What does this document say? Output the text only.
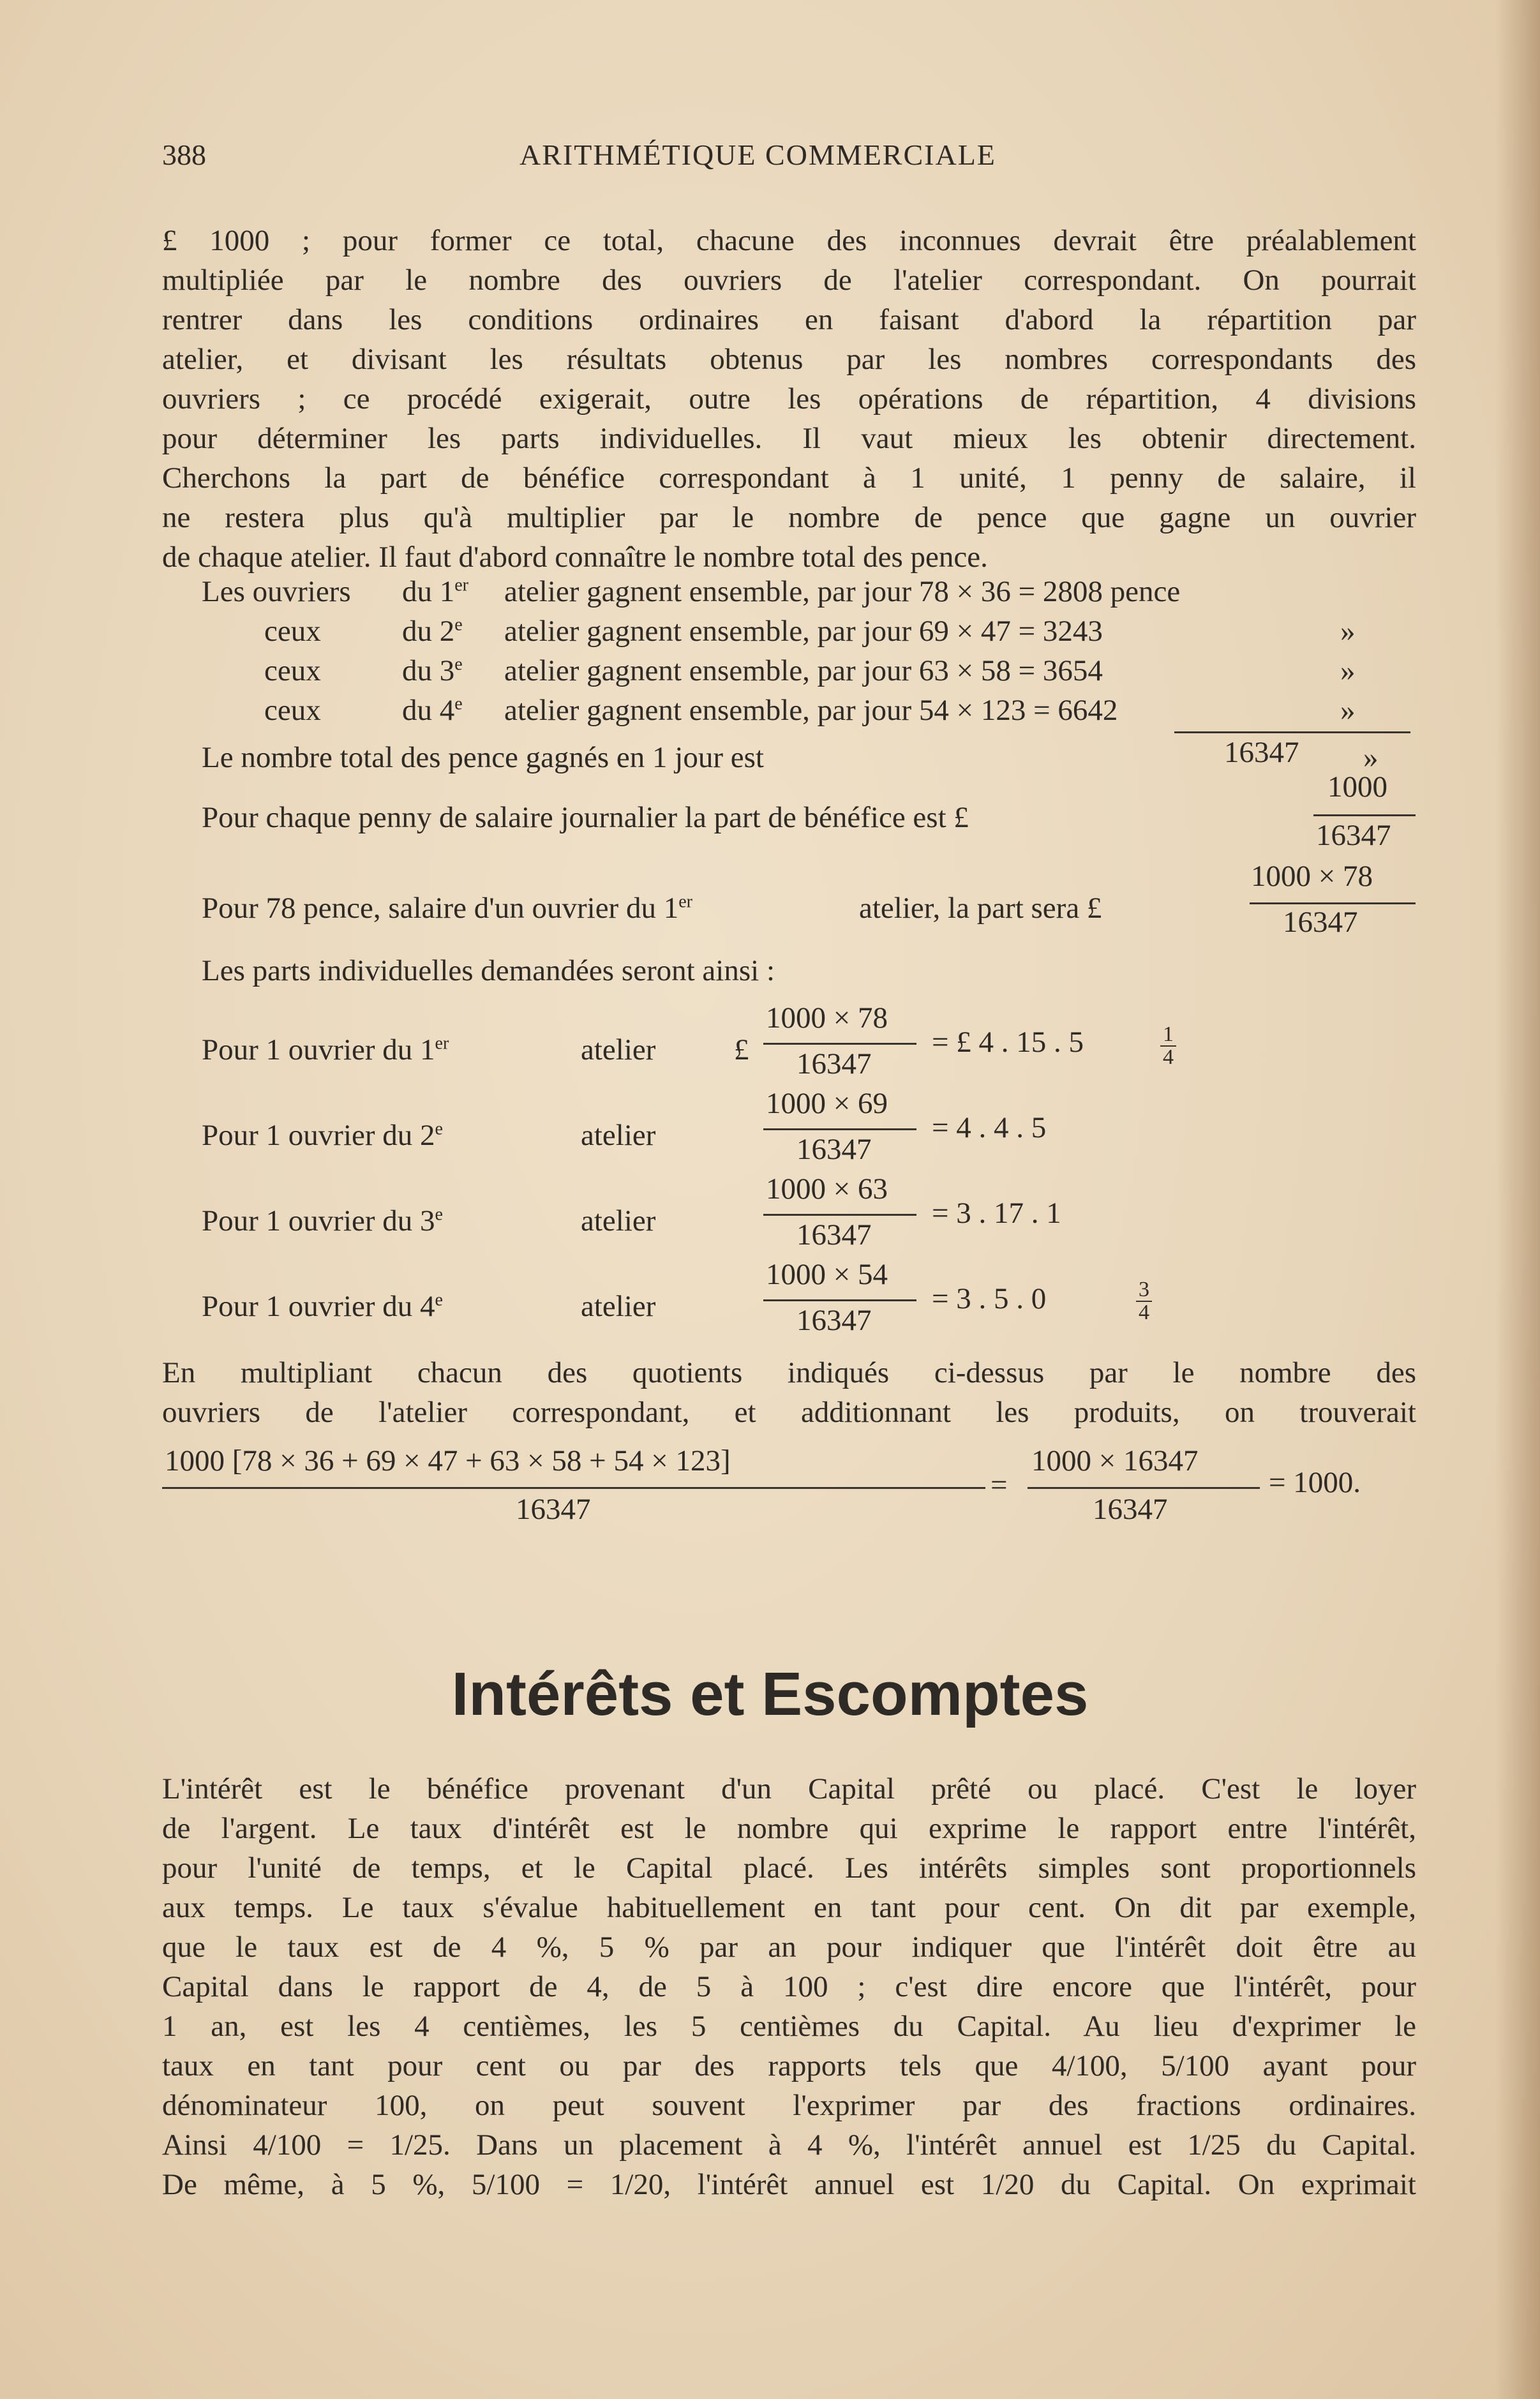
388	ARITHMÉTIQUE COMMERCIALE
£ 1000 ; pour former ce total, chacune des inconnues devrait être préalablement
multipliée par le nombre des ouvriers de l'atelier correspondant. On pourrait
rentrer dans les conditions ordinaires en faisant d'abord la répartition par
atelier, et divisant les résultats obtenus par les nombres correspondants des
ouvriers ; ce procédé exigerait, outre les opérations de répartition, 4 divisions
pour déterminer les parts individuelles. Il vaut mieux les obtenir directement.
Cherchons la part de bénéfice correspondant à 1 unité, 1 penny de salaire, il
ne restera plus qu'à multiplier par le nombre de pence que gagne un ouvrier
de chaque atelier. Il faut d'abord connaître le nombre total des pence.
Les ouvriers du 1er atelier gagnent ensemble, par jour 78 × 36 = 2808 pence
ceux	du 2e atelier gagnent ensemble, par jour 69 × 47 = 3243	»
ceux	du 3e atelier gagnent ensemble, par jour 63 × 58 = 3654	»
ceux	du 4e atelier gagnent ensemble, par jour 54 × 123 = 6642	»
Le nombre total des pence gagnés en 1 jour est	16347 »
Pour chaque penny de salaire journalier la part de bénéfice est £
1000
16347
Pour 78 pence, salaire d'un ouvrier du 1er	atelier, la part sera £
1000 × 78
16347
Les parts individuelles demandées seront ainsi :
Pour 1 ouvrier du 1er	atelier	£
1000 × 78
16347
= £ 4 . 15 . 5	$\frac{1}{4}$
Pour 1 ouvrier du 2e	atelier
1000 × 69
16347
= 4 . 4 . 5
Pour 1 ouvrier du 3e	atelier
1000 × 63
16347
= 3 . 17 . 1
Pour 1 ouvrier du 4e	atelier
1000 × 54
16347
= 3 . 5 . 0	$\frac{3}{4}$
En multipliant chacun des quotients indiqués ci-dessus par le nombre des
ouvriers de l'atelier correspondant, et additionnant les produits, on trouverait
1000 [78 × 36 + 69 × 47 + 63 × 58 + 54 × 123]
16347
=
1000 × 16347
16347
= 1000.
Intérêts et Escomptes
L'intérêt est le bénéfice provenant d'un Capital prêté ou placé. C'est le loyer
de l'argent. Le taux d'intérêt est le nombre qui exprime le rapport entre l'intérêt,
pour l'unité de temps, et le Capital placé. Les intérêts simples sont proportionnels
aux temps. Le taux s'évalue habituellement en tant pour cent. On dit par exemple,
que le taux est de 4 %, 5 % par an pour indiquer que l'intérêt doit être au
Capital dans le rapport de 4, de 5 à 100 ; c'est dire encore que l'intérêt, pour
1 an, est les 4 centièmes, les 5 centièmes du Capital. Au lieu d'exprimer le
taux en tant pour cent ou par des rapports tels que 4/100, 5/100 ayant pour
dénominateur 100, on peut souvent l'exprimer par des fractions ordinaires.
Ainsi 4/100 = 1/25. Dans un placement à 4 %, l'intérêt annuel est 1/25 du Capital.
De même, à 5 %, 5/100 = 1/20, l'intérêt annuel est 1/20 du Capital. On exprimait
